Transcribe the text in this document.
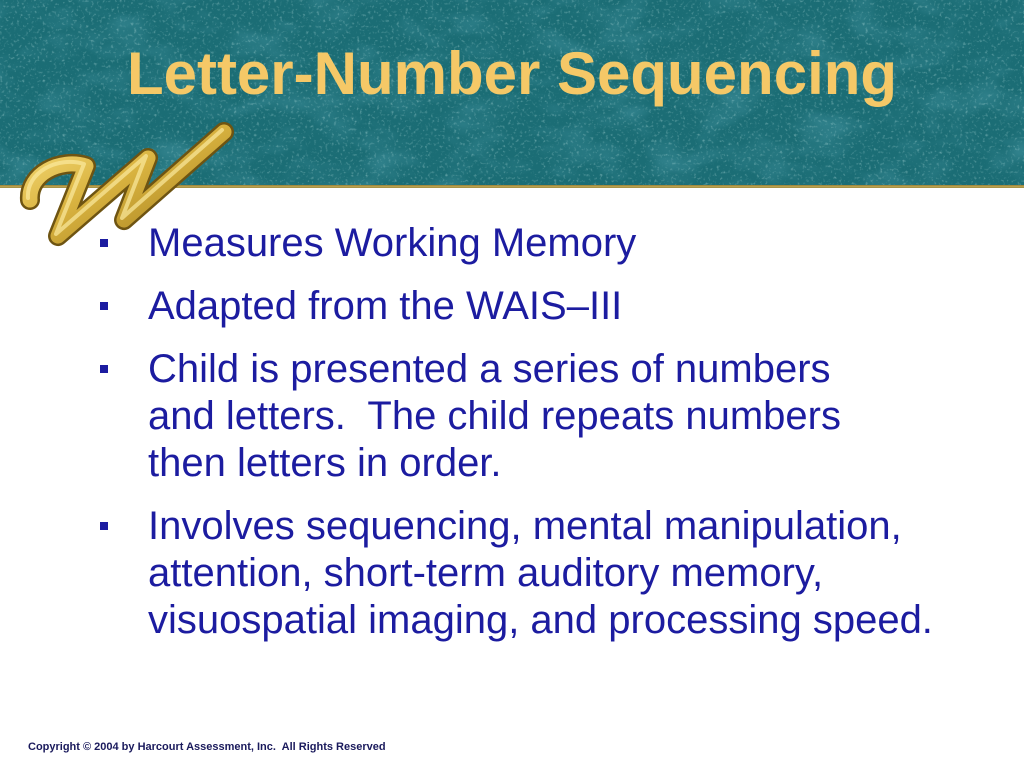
Letter-Number Sequencing
Measures Working Memory
Adapted from the WAIS–III
Child is presented a series of numbers
and letters.  The child repeats numbers
then letters in order.
Involves sequencing, mental manipulation,
attention, short-term auditory memory,
visuospatial imaging, and processing speed.
Copyright © 2004 by Harcourt Assessment, Inc.  All Rights Reserved
